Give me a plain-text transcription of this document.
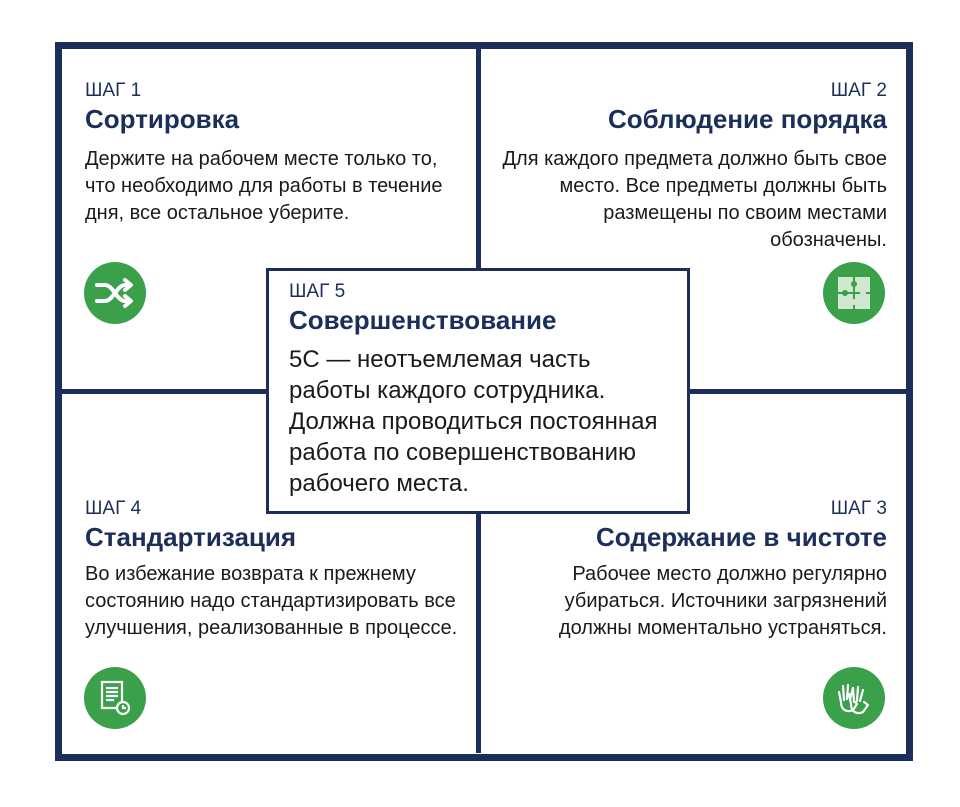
ШАГ 1
Сортировка
Держите на рабочем месте только то, что необходимо для работы в течение дня, все остальное уберите.
ШАГ 2
Соблюдение порядка
Для каждого предмета должно быть свое место. Все предметы должны быть размещены по своим местами обозначены.
ШАГ 4
Стандартизация
Во избежание возврата к прежнему состоянию надо стандартизировать все улучшения, реализованные в процессе.
ШАГ 3
Содержание в чистоте
Рабочее место должно регулярно убираться. Источники загрязнений должны моментально устраняться.
ШАГ 5
Совершенствование
5С — неотъемлемая часть работы каждого сотрудника. Должна проводиться постоянная работа по совершенствованию рабочего места.
